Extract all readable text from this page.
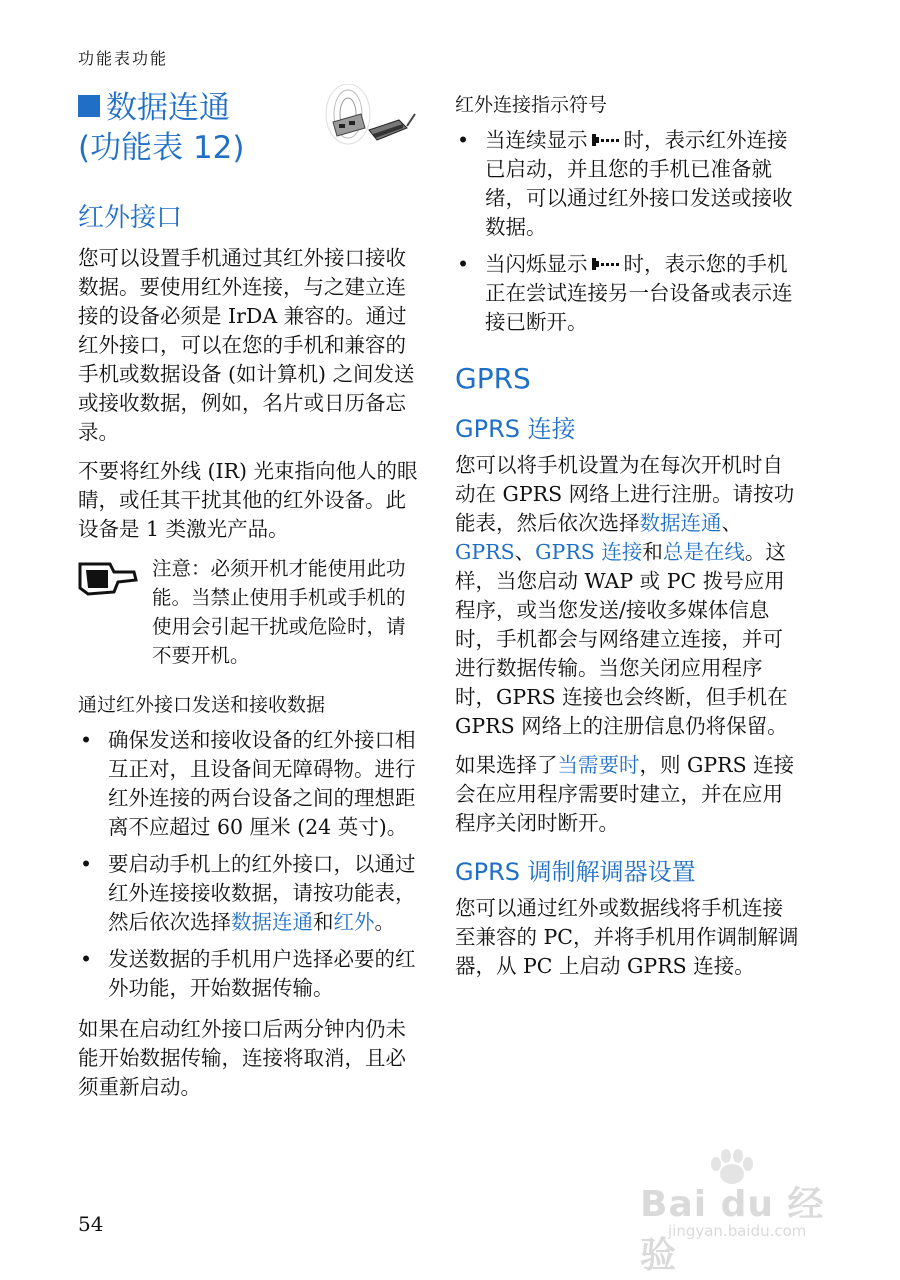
功能表功能
数据连通
(功能表 12)
红外接口

您可以设置手机通过其红外接口接收数据。要使用红外连接，与之建立连接的设备必须是 IrDA 兼容的。通过红外接口，可以在您的手机和兼容的手机或数据设备 (如计算机) 之间发送或接收数据，例如，名片或日历备忘录。

不要将红外线 (IR) 光束指向他人的眼睛，或任其干扰其他的红外设备。此设备是 1 类激光产品。

注意：必须开机才能使用此功能。当禁止使用手机或手机的使用会引起干扰或危险时，请不要开机。

通过红外接口发送和接收数据
• 确保发送和接收设备的红外接口相互正对，且设备间无障碍物。进行红外连接的两台设备之间的理想距离不应超过 60 厘米 (24 英寸)。
• 要启动手机上的红外接口，以通过红外连接接收数据，请按功能表，然后依次选择数据连通和红外。
• 发送数据的手机用户选择必要的红外功能，开始数据传输。

如果在启动红外接口后两分钟内仍未能开始数据传输，连接将取消，且必须重新启动。

红外连接指示符号
• 当连续显示 时，表示红外连接已启动，并且您的手机已准备就绪，可以通过红外接口发送或接收数据。
• 当闪烁显示 时，表示您的手机正在尝试连接另一台设备或表示连接已断开。
GPRS
GPRS 连接

您可以将手机设置为在每次开机时自动在 GPRS 网络上进行注册。请按功能表，然后依次选择数据连通、GPRS、GPRS 连接和总是在线。这样，当您启动 WAP 或 PC 拨号应用程序，或当您发送/接收多媒体信息时，手机都会与网络建立连接，并可进行数据传输。当您关闭应用程序时，GPRS 连接也会终断，但手机在 GPRS 网络上的注册信息仍将保留。

如果选择了当需要时，则 GPRS 连接会在应用程序需要时建立，并在应用程序关闭时断开。

GPRS 调制解调器设置

您可以通过红外或数据线将手机连接至兼容的 PC，并将手机用作调制解调器，从 PC 上启动 GPRS 连接。

54	Bai du 经验
jingyan.baidu.com
